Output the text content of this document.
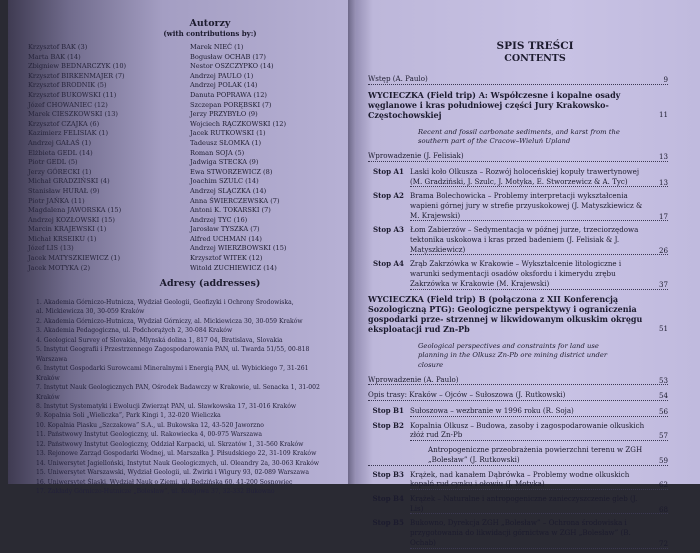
Autorzy
(with contributions by:)
Krzysztof BAK (3)
Marta BAK (14)
Zbigniew BEDNARCZYK (10)
Krzysztof BIRKENMAJER (7)
Krzysztof BRODNIK (5)
Krzysztof BUKOWSKI (11)
Józef CHOWANIEC (12)
Marek CIESZKOWSKI (13)
Krzysztof CZAJKA (6)
Kazimierz FELISIAK (1)
Andrzej GAŁAŚ (1)
Elżbieta GEDL (14)
Piotr GEDL (5)
Jerzy GÓRECKI (1)
Michał GRADZIŃSKI (4)
Stanisław HURAŁ (9)
Piotr JAŃKA (11)
Magdalena JAWORSKA (15)
Andrzej KOZŁOWSKI (15)
Marcin KRAJEWSKI (1)
Michał KRSEIKU (1)
Józef LIS (13)
Jacek MATYSZKIEWICZ (1)
Jacek MOTYKA (2)
Marek NIEĆ (1)
Bogusław OCHAB (17)
Nestor OSZCZYPKO (14)
Andrzej PAULO (1)
Andrzej POLAK (14)
Danuta POPRAWA (12)
Szczepan PORĘBSKI (7)
Jerzy PRZYBYŁO (9)
Wojciech RĄCZKOWSKI (12)
Jacek RUTKOWSKI (1)
Tadeusz SŁOMKA (1)
Roman SOJA (5)
Jadwiga STECKA (9)
Ewa STWORZEWICZ (8)
Joachim SZULC (14)
Andrzej SLĄCZKA (14)
Anna ŚWIERCZEWSKA (7)
Antoni K. TOKARSKI (7)
Andrzej TYC (16)
Jarosław TYSZKA (7)
Alfred UCHMAN (14)
Andrzej WIERZBOWSKI (15)
Krzysztof WITEK (12)
Witold ZUCHIEWICZ (14)
Adresy (addresses)
1. Akademia Górniczo-Hutnicza, Wydział Geologii, Geofizyki i Ochrony Środowiska,
al. Mickiewicza 30, 30-059 Kraków
2. Akademia Górniczo-Hutnicza, Wydział Górniczy, al. Mickiewicza 30, 30-059 Kraków
3. Akademia Pedagogiczna, ul. Podchorążych 2, 30-084 Kraków
4. Geological Survey of Slovakia, Mlynská dolina 1, 817 04, Bratislava, Slovakia
5. Instytut Geografii i Przestrzennego Zagospodarowania PAN, ul. Twarda 51/55, 00-818
Warszawa
6. Instytut Gospodarki Surowcami Mineralnymi i Energią PAN, ul. Wybickiego 7, 31-261
Kraków
7. Instytut Nauk Geologicznych PAN, Ośrodek Badawczy w Krakowie, ul. Senacka 1, 31-002
Kraków
8. Instytut Systematyki i Ewolucji Zwierząt PAN, ul. Sławkowska 17, 31-016 Kraków
9. Kopalnia Soli „Wieliczka”, Park Kingi 1, 32-020 Wieliczka
10. Kopalnia Piasku „Szczakowa” S.A., ul. Bukowska 12, 43-520 Jaworzno
11. Państwowy Instytut Geologiczny, ul. Rakowiecka 4, 00-975 Warszawa
12. Państwowy Instytut Geologiczny, Oddział Karpacki, ul. Skrzatów 1, 31-560 Kraków
13. Rejonowe Zarząd Gospodarki Wodnej, ul. Marszałka J. Piłsudskiego 22, 31-109 Kraków
14. Uniwersytet Jagielloński, Instytut Nauk Geologicznych, ul. Oleandry 2a, 30-063 Kraków
15. Uniwersytet Warszawski, Wydział Geologii, ul. Żwirki i Wigury 93, 02-089 Warszawa
16. Uniwersytet Śląski, Wydział Nauk o Ziemi, ul. Będzińska 60, 41-200 Sosnowiec
17. Zakłady Górniczo-Hutnicze „Bolesław”, ul. Kolejowa 37, 32-332 Bukowno
SPIS TREŚCI
CONTENTS
Wstęp (A. Paulo)	9
WYCIECZKA (Field trip) A: Współczesne i kopalne osady węglanowe i kras południowej części Jury Krakowsko-Częstochowskiej	11
Recent and fossil carbonate sediments, and karst from the southern part of the Cracow–Wieluń Upland
Wprowadzenie (J. Felisiak)	13
Stop A1 Laski koło Olkusza – Rozwój holoceńskiej kopuły trawertynowej (M. Gradziński, J. Szulc, J. Motyka, E. Stworzewicz & A. Tyc)	13
Stop A2 Brama Bolechowicka – Problemy interpretacji wykształcenia wapieni górnej jury w strefie przyuskokowej (J. Matyszkiewicz & M. Krajewski)	17
Stop A3 Łom Zabierzów – Sedymentacja w późnej jurze, trzeciorzędowa tektonika uskokowa i kras przed badeniem (J. Felisiak & J. Matyszkiewicz)	26
Stop A4 Zrąb Zakrzówka w Krakowie – Wykształcenie litologiczne i warunki sedymentacji osadów oksfordu i kimerydu zrębu Zakrzówka w Krakowie (M. Krajewski)	37
WYCIECZKA (Field trip) B (połączona z XII Konferencją Sozologiczną PTG): Geologiczne perspektywy i ograniczenia gospodarki prze- strzennej w likwidowanym olkuskim okręgu eksploatacji rud Zn-Pb	51
Geological perspectives and constraints for land use planning in the Olkusz Zn-Pb ore mining district under closure
Wprowadzenie (A. Paulo)	53
Opis trasy: Kraków – Ojców – Sułoszowa (J. Rutkowski)	54
Stop B1 Sułoszowa – wezbranie w 1996 roku (R. Soja)	56
Stop B2 Kopalnia Olkusz – Budowa, zasoby i zagospodarowanie olkuskich złóż rud Zn-Pb	57
Antropogeniczne przeobrażenia powierzchni terenu w ZGH „Bolesław” (J. Rutkowski)	59
Stop B3 Krążek, nad kanałem Dąbrówka – Problemy wodne olkuskich kopalń rud cynku i ołowiu (J. Motyka)	62
Stop B4 Krążek – Naturalne i antropogeniczne zanieczyszczenie gleb (J. Lis)	68
Stop B5 Bukowno, Dyrekcja ZGH „Bolesław” – Ochrona środowiska i przygotowania do likwidacji górnictwa w ZGH „Bolesław” (B. Ochab)	72
